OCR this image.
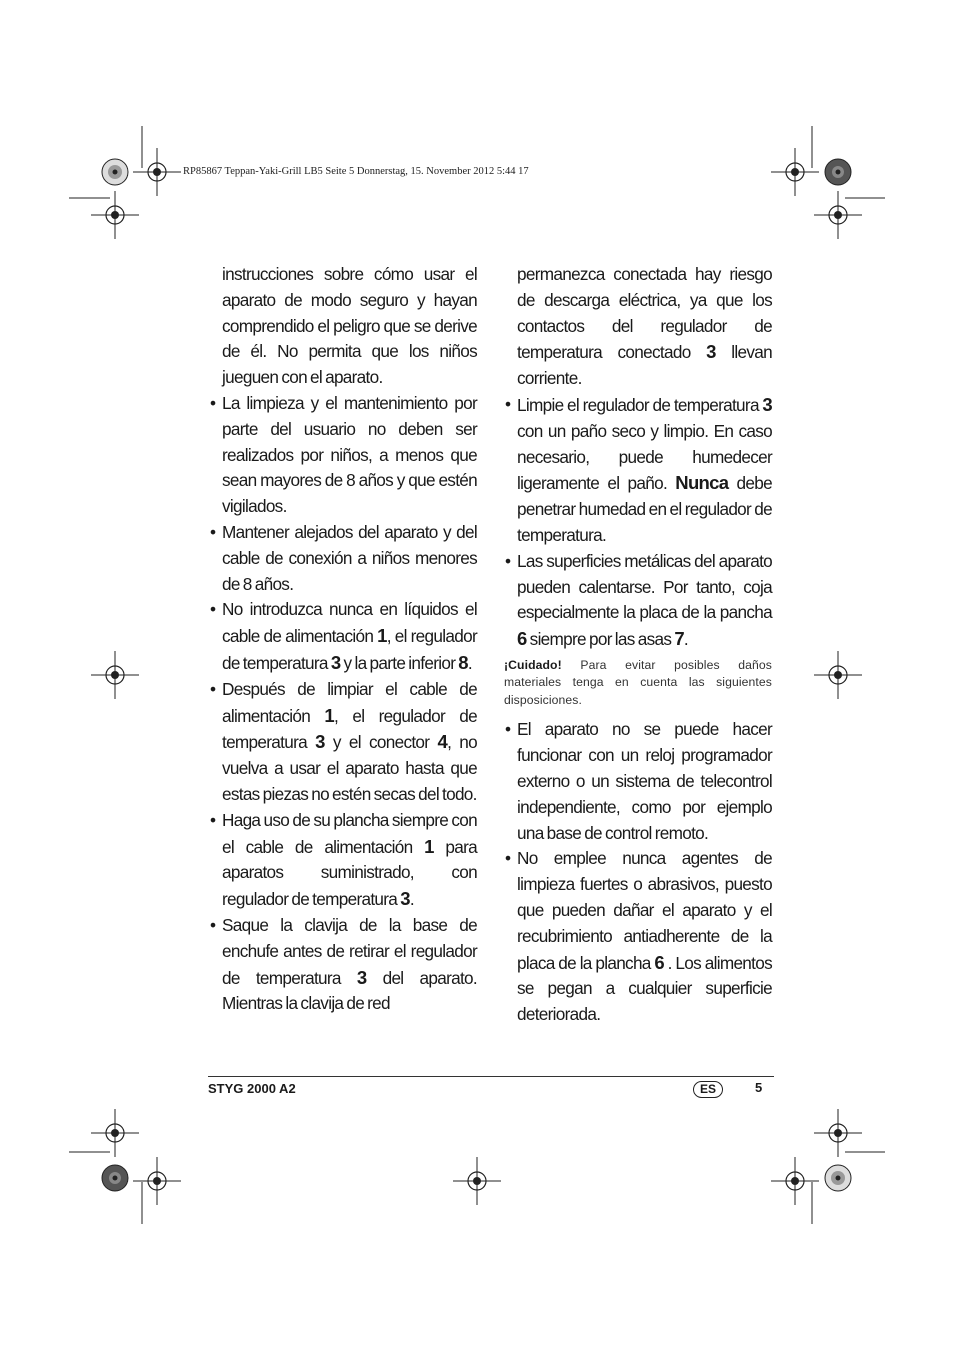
RP85867 Teppan-Yaki-Grill LB5 Seite 5 Donnerstag, 15. November 2012 5:44 17

instrucciones sobre cómo usar el aparato de modo seguro y hayan comprendido el peligro que se derive de él. No permita que los niños jueguen con el aparato.

• La limpieza y el mantenimiento por parte del usuario no deben ser realizados por niños, a menos que sean mayores de 8 años y que estén vigilados.

• Mantener alejados del aparato y del cable de conexión a niños menores de 8 años.

• No introduzca nunca en líquidos el cable de alimentación 1, el regulador de temperatura 3 y la parte inferior 8.

• Después de limpiar el cable de alimentación 1, el regulador de temperatura 3 y el conector 4, no vuelva a usar el aparato hasta que estas piezas no estén secas del todo.

• Haga uso de su plancha siempre con el cable de alimentación 1 para aparatos suministrado, con regulador de temperatura 3.

• Saque la clavija de la base de enchufe antes de retirar el regulador de temperatura 3 del aparato. Mientras la clavija de red

permanezca conectada hay riesgo de descarga eléctrica, ya que los contactos del regulador de temperatura conectado 3 llevan corriente.

• Limpie el regulador de temperatura 3 con un paño seco y limpio. En caso necesario, puede humedecer ligeramente el paño. Nunca debe penetrar humedad en el regulador de temperatura.

• Las superficies metálicas del aparato pueden calentarse. Por tanto, coja especialmente la placa de la pancha 6 siempre por las asas 7.

¡Cuidado! Para evitar posibles daños materiales tenga en cuenta las siguientes disposiciones.

• El aparato no se puede hacer funcionar con un reloj programador externo o un sistema de telecontrol independiente, como por ejemplo una base de control remoto.

• No emplee nunca agentes de limpieza fuertes o abrasivos, puesto que pueden dañar el aparato y el recubrimiento antiadherente de la placa de la plancha 6 . Los alimentos se pegan a cualquier superficie deteriorada.

STYG 2000 A2	ES	5
